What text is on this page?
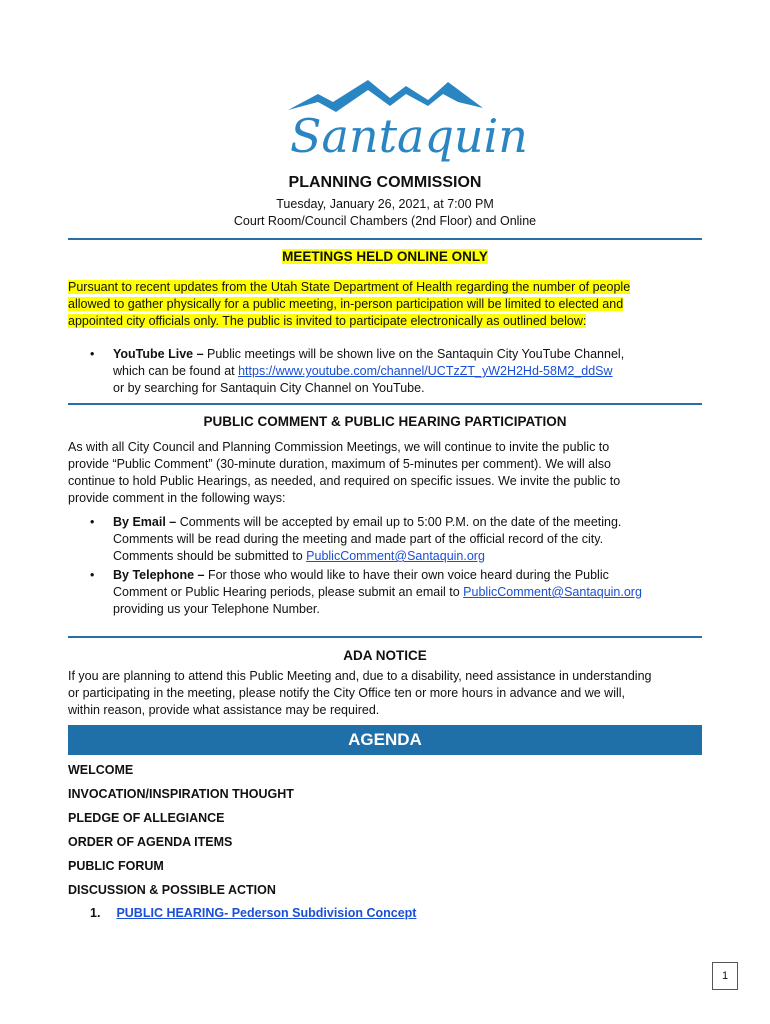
Santaquin
PLANNING COMMISSION
Tuesday, January 26, 2021, at 7:00 PM
Court Room/Council Chambers (2nd Floor) and Online
MEETINGS HELD ONLINE ONLY
Pursuant to recent updates from the Utah State Department of Health regarding the number of people
allowed to gather physically for a public meeting, in-person participation will be limited to elected and
appointed city officials only. The public is invited to participate electronically as outlined below:
• YouTube Live – Public meetings will be shown live on the Santaquin City YouTube Channel,
which can be found at https://www.youtube.com/channel/UCTzZT_yW2H2Hd-58M2_ddSw
or by searching for Santaquin City Channel on YouTube.
PUBLIC COMMENT & PUBLIC HEARING PARTICIPATION
As with all City Council and Planning Commission Meetings, we will continue to invite the public to
provide “Public Comment” (30-minute duration, maximum of 5-minutes per comment). We will also
continue to hold Public Hearings, as needed, and required on specific issues. We invite the public to
provide comment in the following ways:
• By Email – Comments will be accepted by email up to 5:00 P.M. on the date of the meeting.
Comments will be read during the meeting and made part of the official record of the city.
Comments should be submitted to PublicComment@Santaquin.org
• By Telephone – For those who would like to have their own voice heard during the Public
Comment or Public Hearing periods, please submit an email to PublicComment@Santaquin.org
providing us your Telephone Number.
ADA NOTICE
If you are planning to attend this Public Meeting and, due to a disability, need assistance in understanding
or participating in the meeting, please notify the City Office ten or more hours in advance and we will,
within reason, provide what assistance may be required.
AGENDA
WELCOME
INVOCATION/INSPIRATION THOUGHT
PLEDGE OF ALLEGIANCE
ORDER OF AGENDA ITEMS
PUBLIC FORUM
DISCUSSION & POSSIBLE ACTION
1. PUBLIC HEARING- Pederson Subdivision Concept
1
